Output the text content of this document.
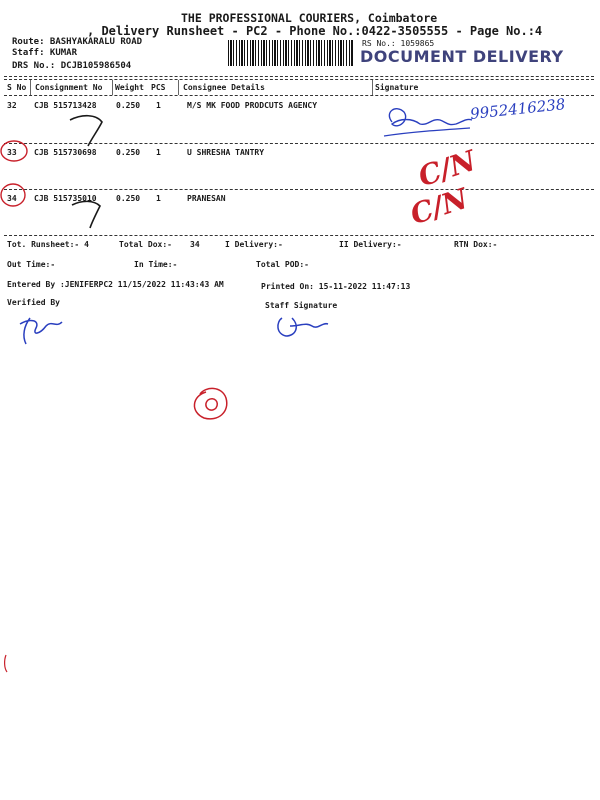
THE PROFESSIONAL COURIERS, Coimbatore
, Delivery Runsheet - PC2 - Phone No.:0422-3505555 - Page No.:4
Route: BASHYAKARALU ROAD
Staff: KUMAR
DRS No.: DCJB105986504
RS No.: 1059865
DOCUMENT DELIVERY
S No Consignment No Weight PCS Consignee Details	Signature
32 CJB 515713428 0.250 1	M/S MK FOOD PRODCUTS AGENCY
33 CJB 515730698 0.250 1	U SHRESHA TANTRY
34 CJB 515735010 0.250 1	PRANESAN
Tot. Runsheet:- 4	Total Dox:- 34	I Delivery:-	II Delivery:-	RTN Dox:-
Out Time:-	In Time:-	Total POD:-
Entered By :JENIFERPC2 11/15/2022 11:43:43 AM	Printed On: 15-11-2022 11:47:13
Verified By	Staff Signature
9952416238
C/N
C/N
